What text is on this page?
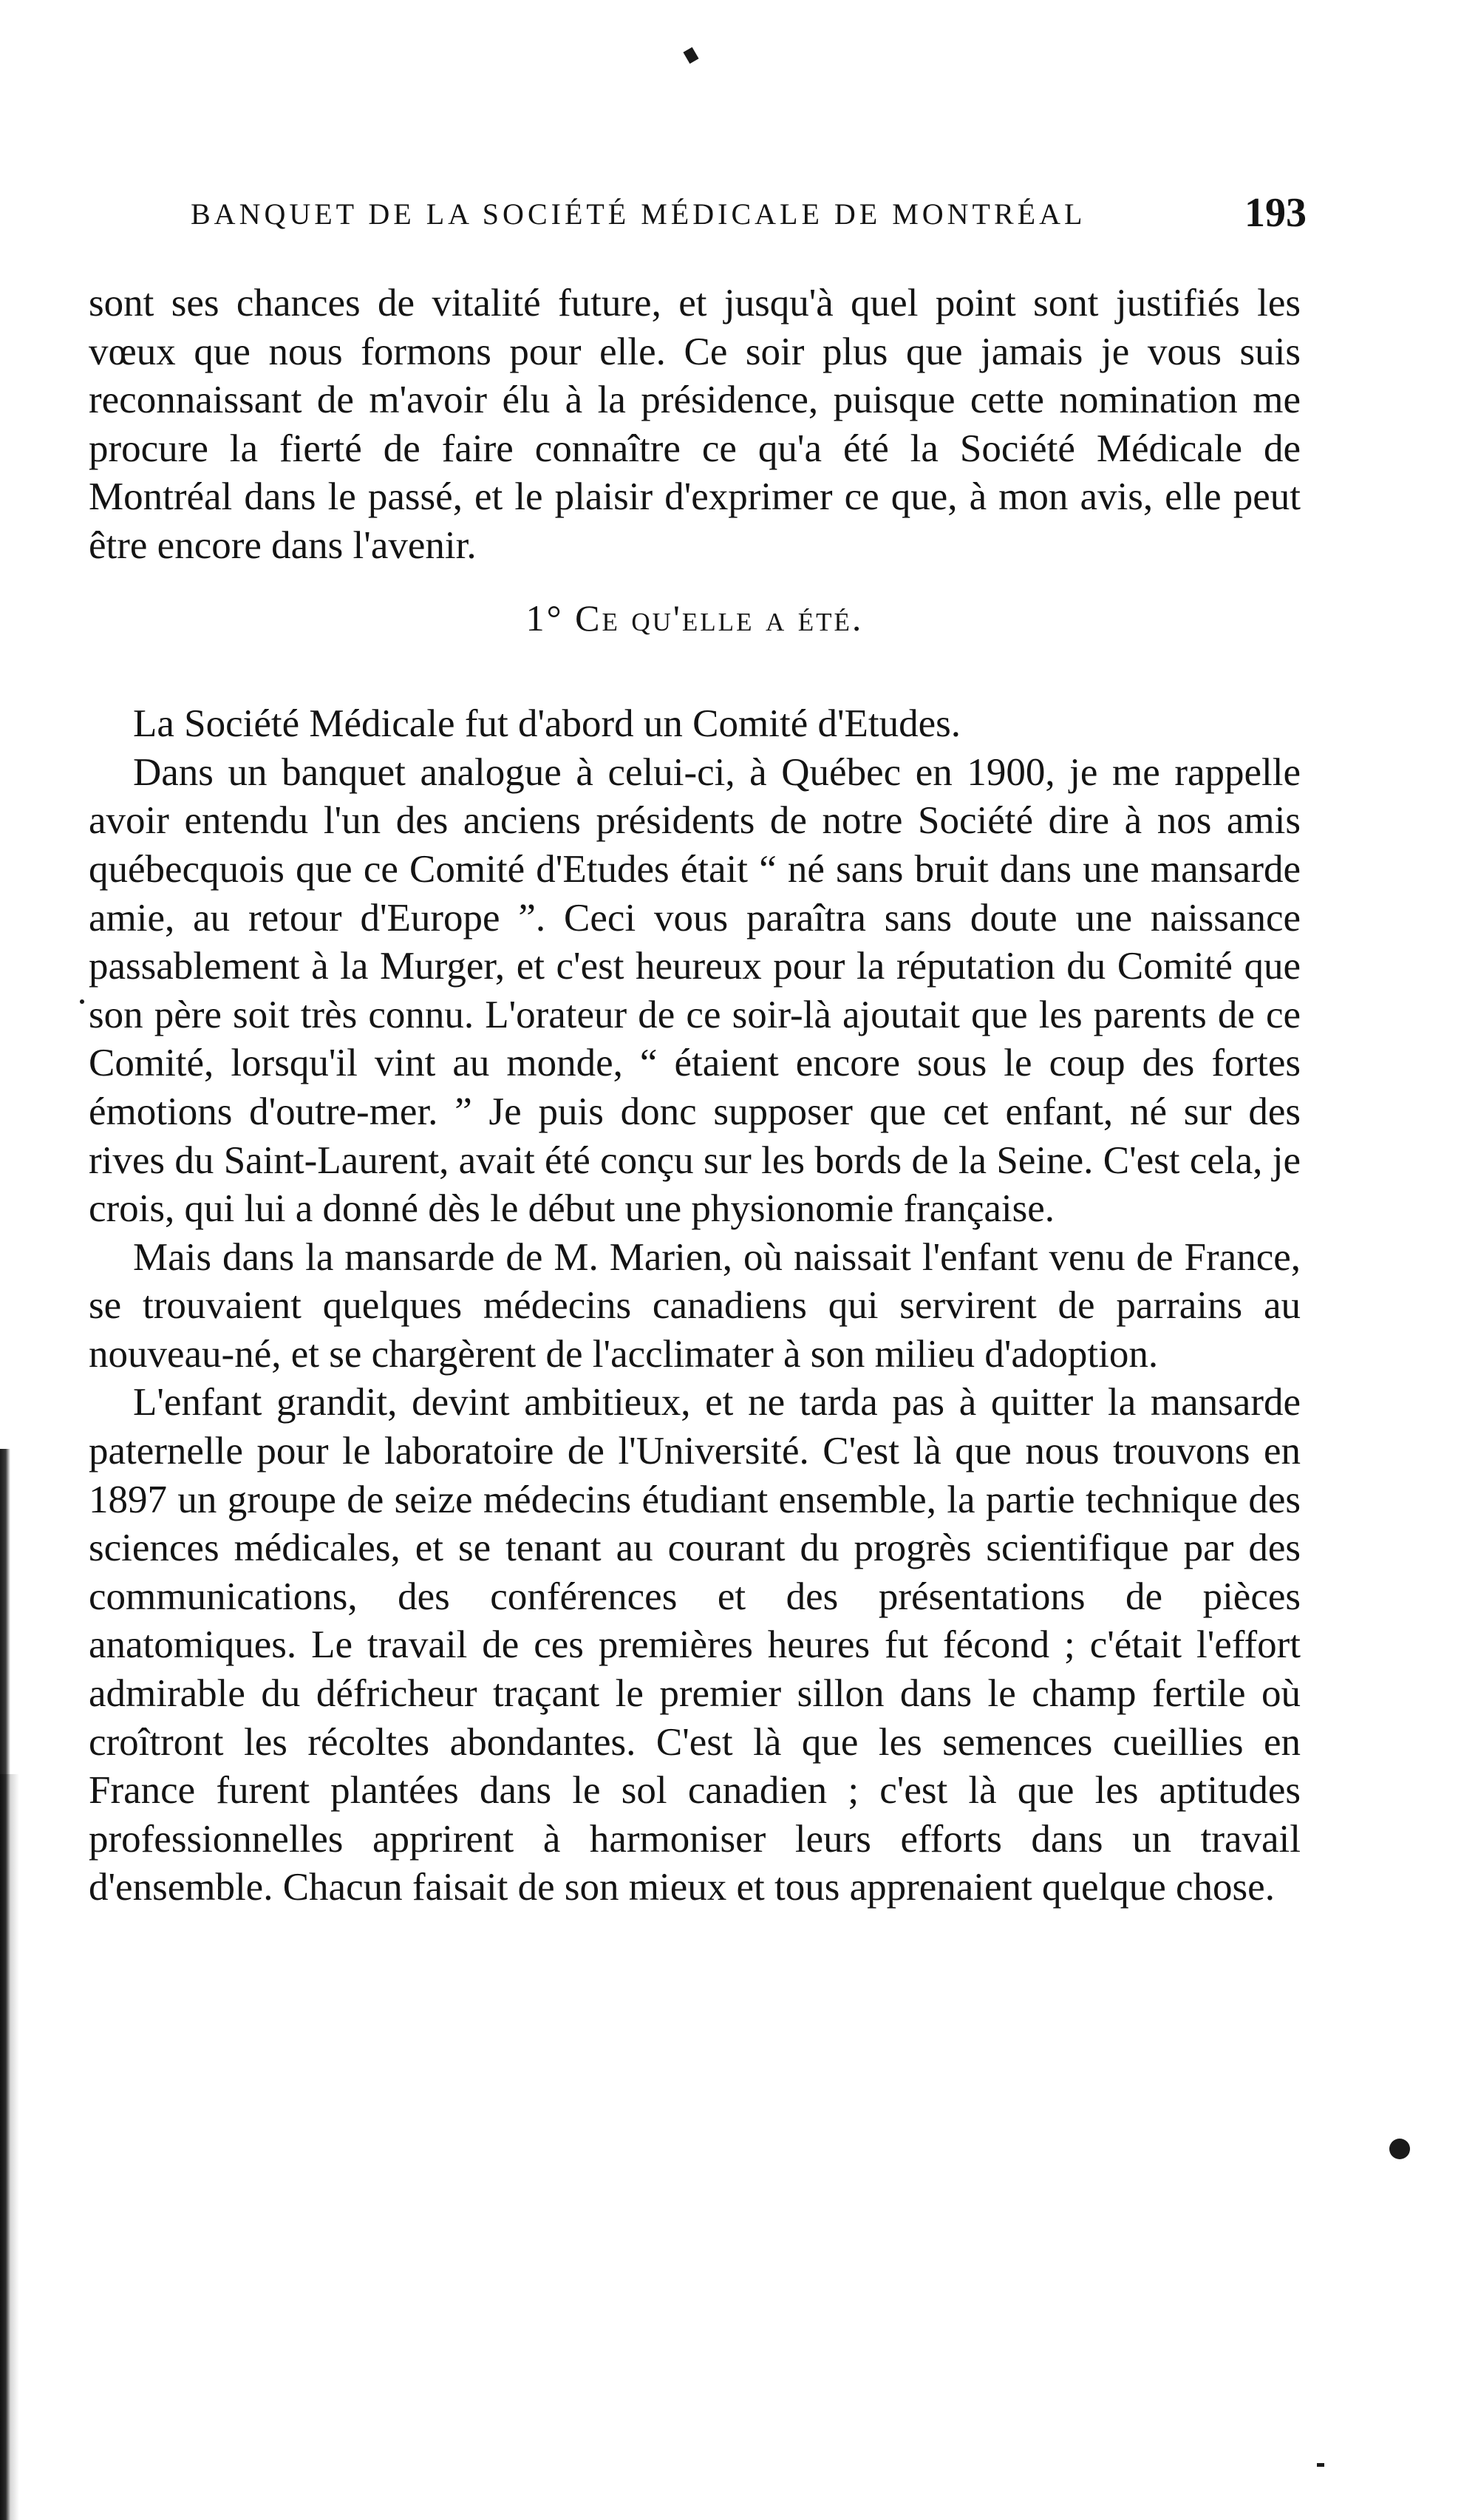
BANQUET DE LA SOCIÉTÉ MÉDICALE DE MONTRÉAL	193

sont ses chances de vitalité future, et jusqu'à quel point sont justifiés les vœux que nous formons pour elle. Ce soir plus que jamais je vous suis reconnaissant de m'avoir élu à la présidence, puisque cette nomination me procure la fierté de faire connaître ce qu'a été la Société Médicale de Montréal dans le passé, et le plaisir d'exprimer ce que, à mon avis, elle peut être encore dans l'avenir.

1° Ce qu'elle a été.

La Société Médicale fut d'abord un Comité d'Etudes.

Dans un banquet analogue à celui-ci, à Québec en 1900, je me rappelle avoir entendu l'un des anciens présidents de notre Société dire à nos amis québecquois que ce Comité d'Etudes était “ né sans bruit dans une mansarde amie, au retour d'Europe ”. Ceci vous paraîtra sans doute une naissance passablement à la Murger, et c'est heureux pour la réputation du Comité que son père soit très connu. L'orateur de ce soir-là ajoutait que les parents de ce Comité, lorsqu'il vint au monde, “ étaient encore sous le coup des fortes émotions d'outre-mer. ” Je puis donc supposer que cet enfant, né sur des rives du Saint-Laurent, avait été conçu sur les bords de la Seine. C'est cela, je crois, qui lui a donné dès le début une physionomie française.

Mais dans la mansarde de M. Marien, où naissait l'enfant venu de France, se trouvaient quelques médecins canadiens qui servirent de parrains au nouveau-né, et se chargèrent de l'acclimater à son milieu d'adoption.

L'enfant grandit, devint ambitieux, et ne tarda pas à quitter la mansarde paternelle pour le laboratoire de l'Université. C'est là que nous trouvons en 1897 un groupe de seize médecins étudiant ensemble, la partie technique des sciences médicales, et se tenant au courant du progrès scientifique par des communications, des conférences et des présentations de pièces anatomiques. Le travail de ces premières heures fut fécond ; c'était l'effort admirable du défricheur traçant le premier sillon dans le champ fertile où croîtront les récoltes abondantes. C'est là que les semences cueillies en France furent plantées dans le sol canadien ; c'est là que les aptitudes professionnelles apprirent à harmoniser leurs efforts dans un travail d'ensemble. Chacun faisait de son mieux et tous apprenaient quelque chose.
